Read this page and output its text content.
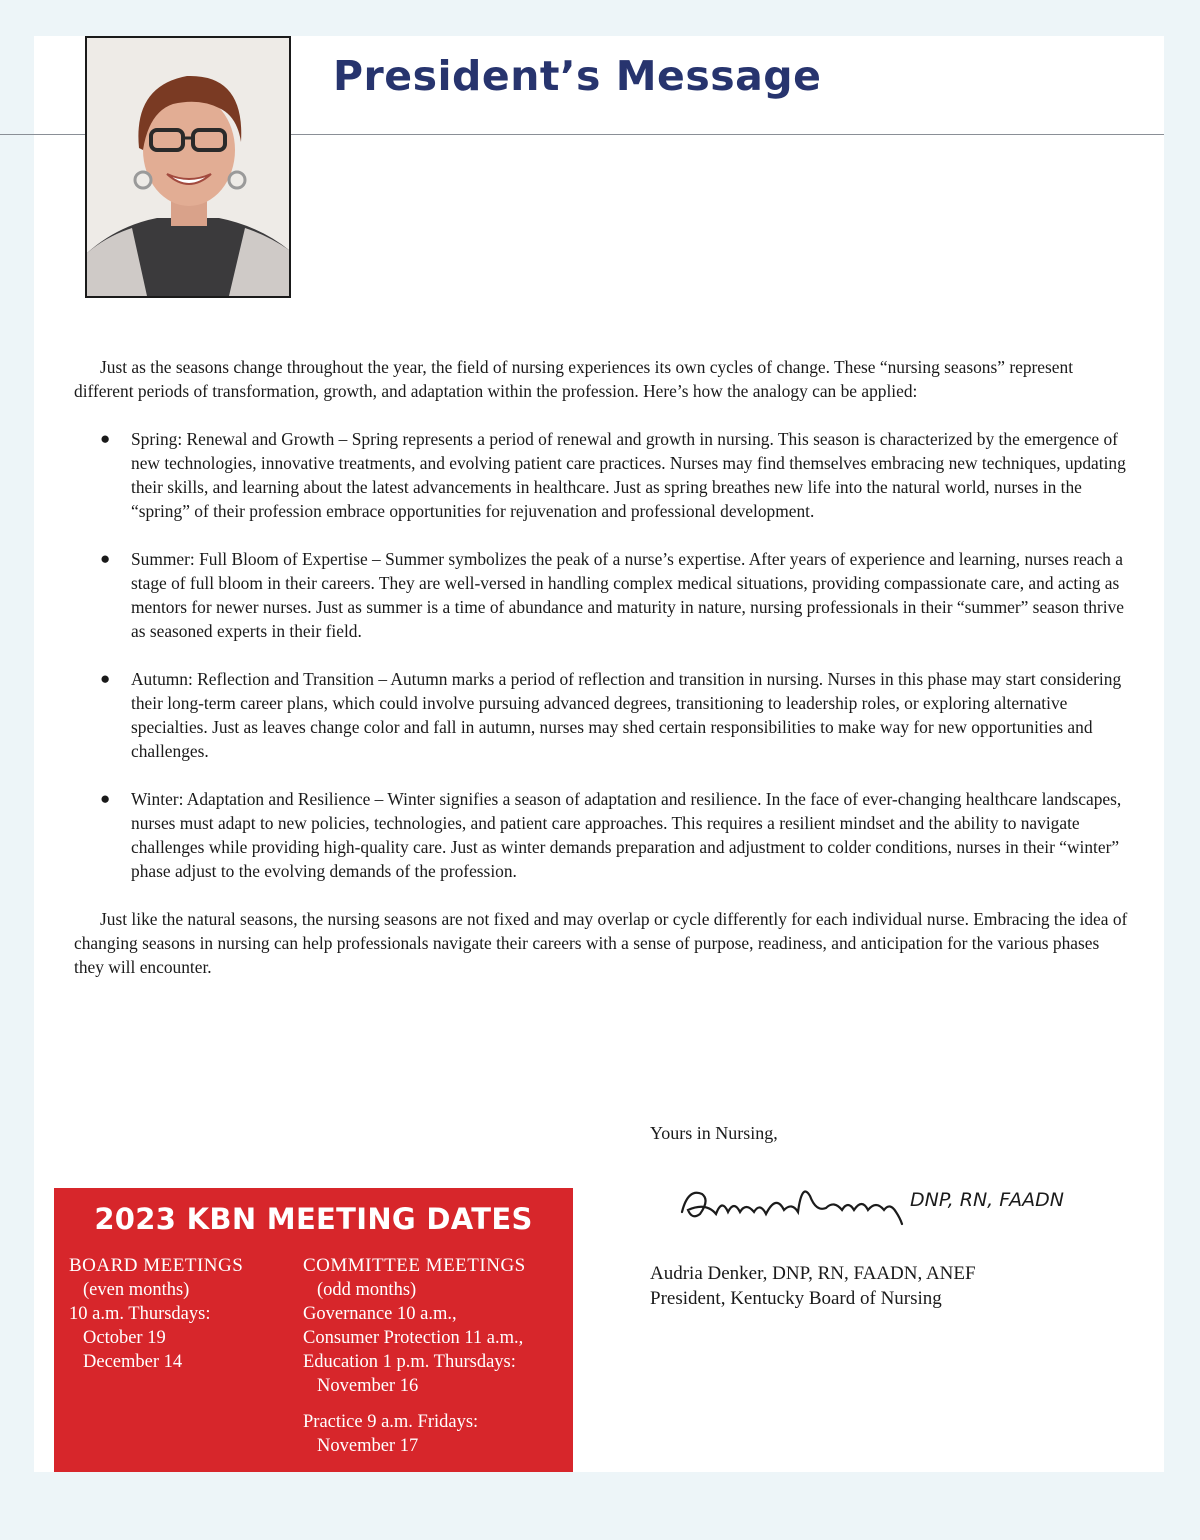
President’s Message

Just as the seasons change throughout the year, the field of nursing experiences its own cycles of change. These “nursing seasons” represent different periods of transformation, growth, and adaptation within the profession. Here’s how the analogy can be applied:

● Spring: Renewal and Growth – Spring represents a period of renewal and growth in nursing. This season is characterized by the emergence of new technologies, innovative treatments, and evolving patient care practices. Nurses may find themselves embracing new techniques, updating their skills, and learning about the latest advancements in healthcare. Just as spring breathes new life into the natural world, nurses in the “spring” of their profession embrace opportunities for rejuvenation and professional development.
● Summer: Full Bloom of Expertise – Summer symbolizes the peak of a nurse’s expertise. After years of experience and learning, nurses reach a stage of full bloom in their careers. They are well-versed in handling complex medical situations, providing compassionate care, and acting as mentors for newer nurses. Just as summer is a time of abundance and maturity in nature, nursing professionals in their “summer” season thrive as seasoned experts in their field.
● Autumn: Reflection and Transition – Autumn marks a period of reflection and transition in nursing. Nurses in this phase may start considering their long-term career plans, which could involve pursuing advanced degrees, transitioning to leadership roles, or exploring alternative specialties. Just as leaves change color and fall in autumn, nurses may shed certain responsibilities to make way for new opportunities and challenges.
● Winter: Adaptation and Resilience – Winter signifies a season of adaptation and resilience. In the face of ever-changing healthcare landscapes, nurses must adapt to new policies, technologies, and patient care approaches. This requires a resilient mindset and the ability to navigate challenges while providing high-quality care. Just as winter demands preparation and adjustment to colder conditions, nurses in their “winter” phase adjust to the evolving demands of the profession.

Just like the natural seasons, the nursing seasons are not fixed and may overlap or cycle differently for each individual nurse. Embracing the idea of changing seasons in nursing can help professionals navigate their careers with a sense of purpose, readiness, and anticipation for the various phases they will encounter.

Yours in Nursing,
DNP, RN, FAADN
Audria Denker, DNP, RN, FAADN, ANEF
President, Kentucky Board of Nursing
2023 KBN MEETING DATES
BOARD MEETINGS
(even months)
10 a.m. Thursdays:
October 19
December 14
COMMITTEE MEETINGS
(odd months)
Governance 10 a.m.,
Consumer Protection 11 a.m.,
Education 1 p.m. Thursdays:
November 16
Practice 9 a.m. Fridays:
November 17
